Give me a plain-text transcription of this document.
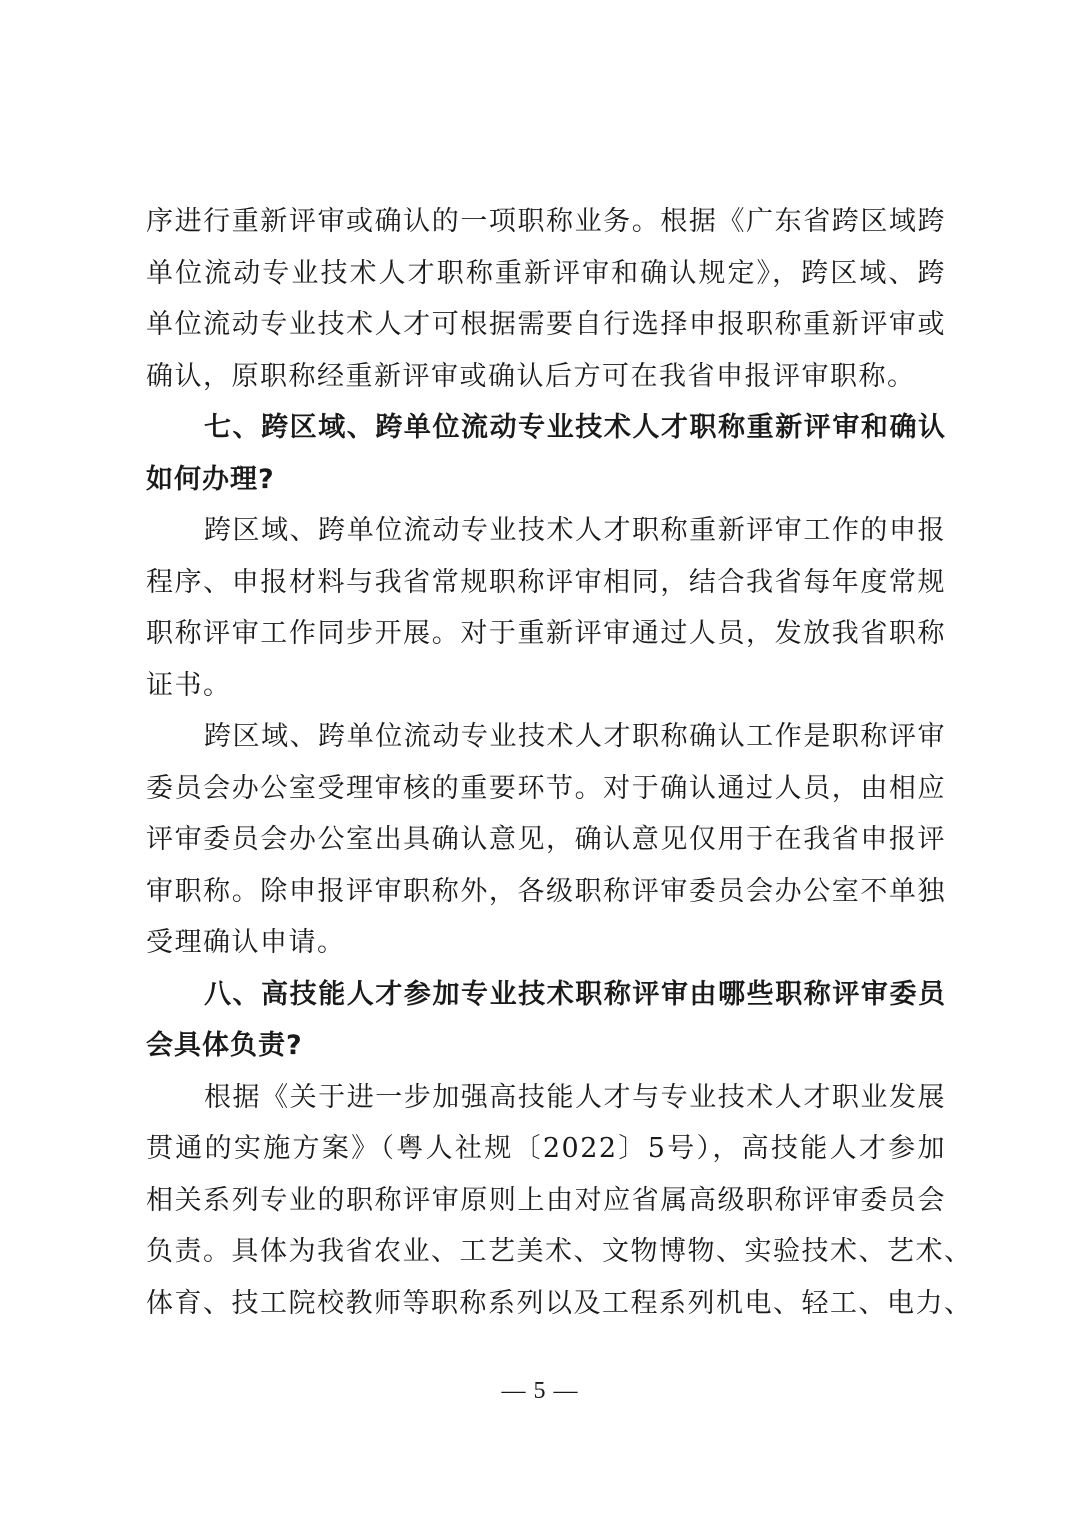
序进行重新评审或确认的一项职称业务。根据《广东省跨区域跨
单位流动专业技术人才职称重新评审和确认规定》，跨区域、跨
单位流动专业技术人才可根据需要自行选择申报职称重新评审或
确认，原职称经重新评审或确认后方可在我省申报评审职称。
七、跨区域、跨单位流动专业技术人才职称重新评审和确认
如何办理?
跨区域、跨单位流动专业技术人才职称重新评审工作的申报
程序、申报材料与我省常规职称评审相同，结合我省每年度常规
职称评审工作同步开展。对于重新评审通过人员，发放我省职称
证书。
跨区域、跨单位流动专业技术人才职称确认工作是职称评审
委员会办公室受理审核的重要环节。对于确认通过人员，由相应
评审委员会办公室出具确认意见，确认意见仅用于在我省申报评
审职称。除申报评审职称外，各级职称评审委员会办公室不单独
受理确认申请。
八、高技能人才参加专业技术职称评审由哪些职称评审委员
会具体负责?
根据《关于进一步加强高技能人才与专业技术人才职业发展
贯通的实施方案》（粤人社规〔2022〕5号），高技能人才参加
相关系列专业的职称评审原则上由对应省属高级职称评审委员会
负责。具体为我省农业、工艺美术、文物博物、实验技术、艺术、
体育、技工院校教师等职称系列以及工程系列机电、轻工、电力、
— 5 —
